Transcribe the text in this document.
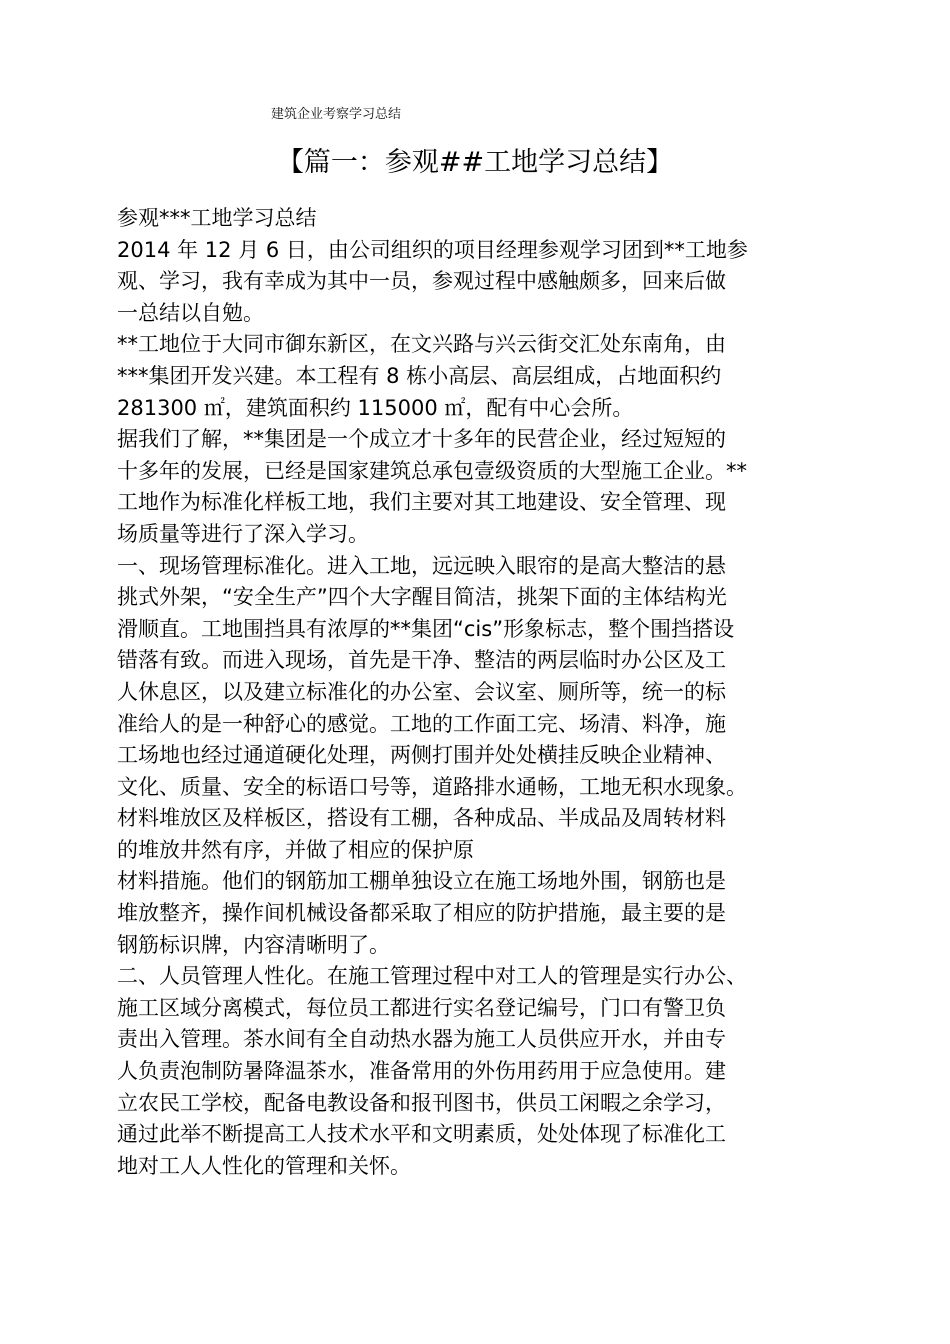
建筑企业考察学习总结
【篇一：参观##工地学习总结】
参观***工地学习总结
2014 年 12 月 6 日，由公司组织的项目经理参观学习团到**工地参
观、学习，我有幸成为其中一员，参观过程中感触颇多，回来后做
一总结以自勉。
**工地位于大同市御东新区，在文兴路与兴云街交汇处东南角，由
***集团开发兴建。本工程有 8 栋小高层、高层组成，占地面积约
281300 ㎡，建筑面积约 115000 ㎡，配有中心会所。
据我们了解，**集团是一个成立才十多年的民营企业，经过短短的
十多年的发展，已经是国家建筑总承包壹级资质的大型施工企业。**
工地作为标准化样板工地，我们主要对其工地建设、安全管理、现
场质量等进行了深入学习。
一、现场管理标准化。进入工地，远远映入眼帘的是高大整洁的悬
挑式外架，“安全生产”四个大字醒目简洁，挑架下面的主体结构光
滑顺直。工地围挡具有浓厚的**集团“cis”形象标志，整个围挡搭设
错落有致。而进入现场，首先是干净、整洁的两层临时办公区及工
人休息区，以及建立标准化的办公室、会议室、厕所等，统一的标
准给人的是一种舒心的感觉。工地的工作面工完、场清、料净，施
工场地也经过通道硬化处理，两侧打围并处处横挂反映企业精神、
文化、质量、安全的标语口号等，道路排水通畅，工地无积水现象。
材料堆放区及样板区，搭设有工棚，各种成品、半成品及周转材料
的堆放井然有序，并做了相应的保护原
材料措施。他们的钢筋加工棚单独设立在施工场地外围，钢筋也是
堆放整齐，操作间机械设备都采取了相应的防护措施，最主要的是
钢筋标识牌，内容清晰明了。
二、人员管理人性化。在施工管理过程中对工人的管理是实行办公、
施工区域分离模式，每位员工都进行实名登记编号，门口有警卫负
责出入管理。茶水间有全自动热水器为施工人员供应开水，并由专
人负责泡制防暑降温茶水，准备常用的外伤用药用于应急使用。建
立农民工学校，配备电教设备和报刊图书，供员工闲暇之余学习，
通过此举不断提高工人技术水平和文明素质，处处体现了标准化工
地对工人人性化的管理和关怀。
